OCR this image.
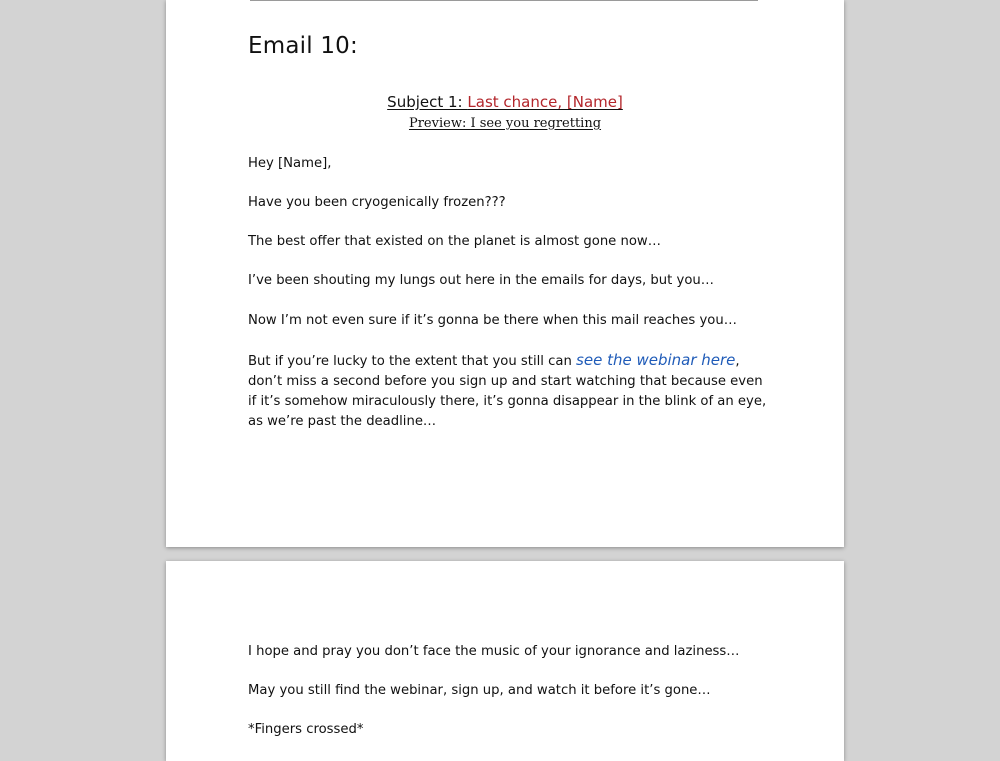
Email 10:
Subject 1: Last chance, [Name]
Preview: I see you regretting

Hey [Name],

Have you been cryogenically frozen???

The best offer that existed on the planet is almost gone now…

I’ve been shouting my lungs out here in the emails for days, but you…

Now I’m not even sure if it’s gonna be there when this mail reaches you…

But if you’re lucky to the extent that you still can see the webinar here,
don’t miss a second before you sign up and start watching that because even
if it’s somehow miraculously there, it’s gonna disappear in the blink of an eye,
as we’re past the deadline…

I hope and pray you don’t face the music of your ignorance and laziness…

May you still find the webinar, sign up, and watch it before it’s gone…

*Fingers crossed*
